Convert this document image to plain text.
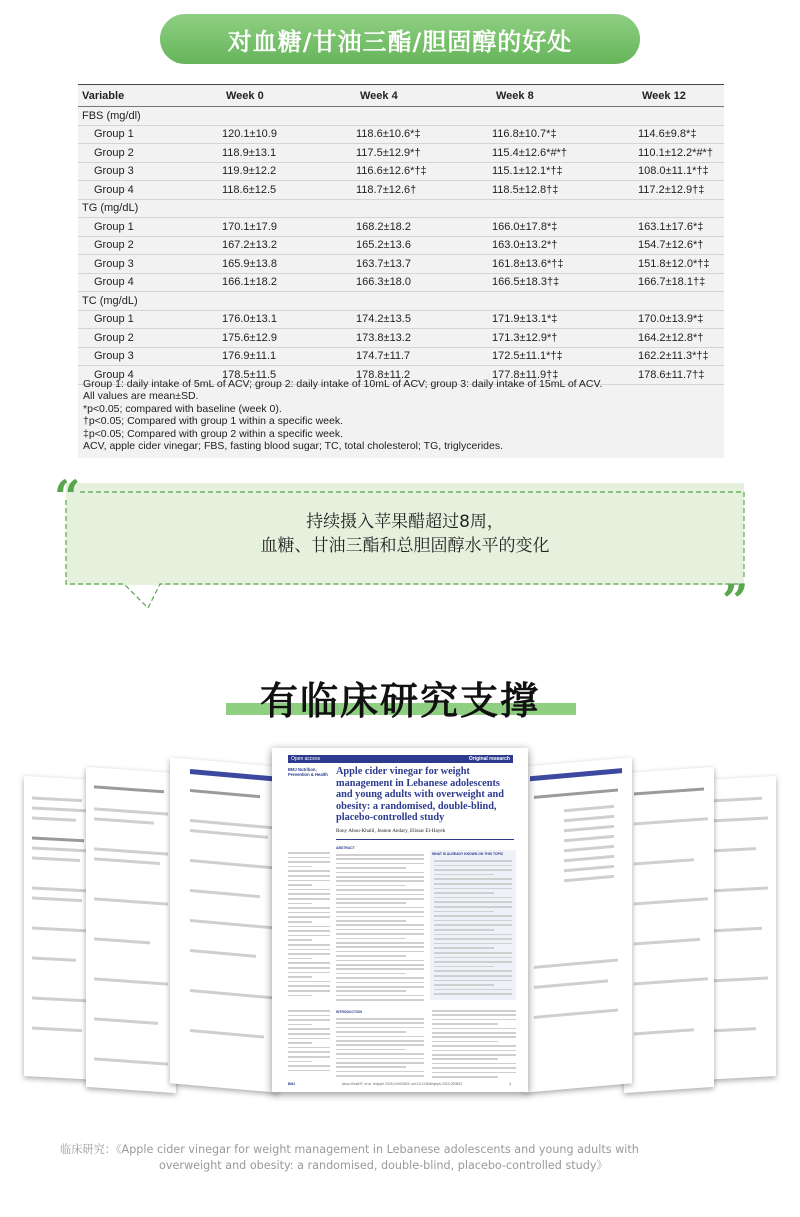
对血糖/甘油三酯/胆固醇的好处
Variable	Week 0	Week 4	Week 8	Week 12
FBS (mg/dl)				
Group 1	120.1±10.9	118.6±10.6*‡	116.8±10.7*‡	114.6±9.8*‡
Group 2	118.9±13.1	117.5±12.9*†	115.4±12.6*#*†	110.1±12.2*#*†
Group 3	119.9±12.2	116.6±12.6*†‡	115.1±12.1*†‡	108.0±11.1*†‡
Group 4	118.6±12.5	118.7±12.6†	118.5±12.8†‡	117.2±12.9†‡
TG (mg/dL)				
Group 1	170.1±17.9	168.2±18.2	166.0±17.8*‡	163.1±17.6*‡
Group 2	167.2±13.2	165.2±13.6	163.0±13.2*†	154.7±12.6*†
Group 3	165.9±13.8	163.7±13.7	161.8±13.6*†‡	151.8±12.0*†‡
Group 4	166.1±18.2	166.3±18.0	166.5±18.3†‡	166.7±18.1†‡
TC (mg/dL)				
Group 1	176.0±13.1	174.2±13.5	171.9±13.1*‡	170.0±13.9*‡
Group 2	175.6±12.9	173.8±13.2	171.3±12.9*†	164.2±12.8*†
Group 3	176.9±11.1	174.7±11.7	172.5±11.1*†‡	162.2±11.3*†‡
Group 4	178.5±11.5	178.8±11.2	177.8±11.9†‡	178.6±11.7†‡
Group 1: daily intake of 5mL of ACV; group 2: daily intake of 10mL of ACV; group 3: daily intake of 15mL of ACV.
All values are mean±SD.
*p<0.05; compared with baseline (week 0).
†p<0.05; Compared with group 1 within a specific week.
‡p<0.05; Compared with group 2 within a specific week.
ACV, apple cider vinegar; FBS, fasting blood sugar; TC, total cholesterol; TG, triglycerides.
“
”
持续摄入苹果醋超过8周，
血糖、甘油三酯和总胆固醇水平的变化
有临床研究支撑
Open access	Original research
BMJ Nutrition, Prevention & Health Apple cider vinegar for weight management in Lebanese adolescents and young adults with overweight and obesity: a randomised, double-blind, placebo-controlled study
Rony Abou-Khalil, Jeanne Andary, Elissar El-Hayek
ABSTRACT
WHAT IS ALREADY KNOWN ON THIS TOPIC
INTRODUCTION
BMJ	Abou-Khalil R, et al. bmjnph 2024;0:e000823. doi:10.1136/bmjnph-2023-000823	1
临床研究：《Apple cider vinegar for weight management in Lebanese adolescents and young adults with
overweight and obesity: a randomised, double-blind, placebo-controlled study》
